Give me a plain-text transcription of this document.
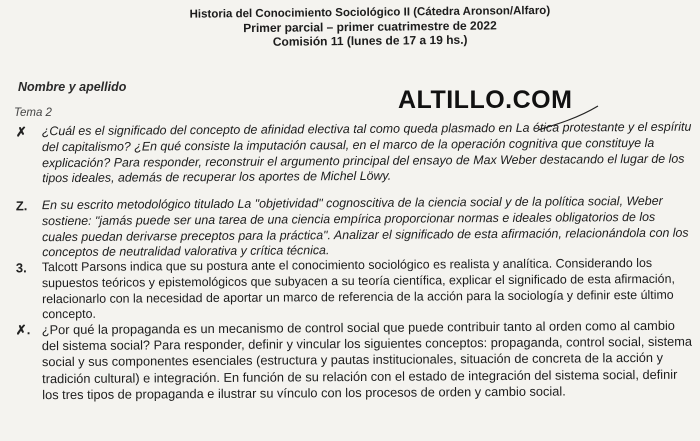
Historia del Conocimiento Sociológico II (Cátedra Aronson/Alfaro)
Primer parcial – primer cuatrimestre de 2022
Comisión 11 (lunes de 17 a 19 hs.)
Nombre y apellido	ALTILLO.COM
Tema 2
✗	¿Cuál es el significado del concepto de afinidad electiva tal como queda plasmado en La ética protestante y el espíritu del capitalismo? ¿En qué consiste la imputación causal, en el marco de la operación cognitiva que constituye la explicación? Para responder, reconstruir el argumento principal del ensayo de Max Weber destacando el lugar de los tipos ideales, además de recuperar los aportes de Michel Löwy.
Z.	En su escrito metodológico titulado La "objetividad" cognoscitiva de la ciencia social y de la política social, Weber sostiene: "jamás puede ser una tarea de una ciencia empírica proporcionar normas e ideales obligatorios de los cuales puedan derivarse preceptos para la práctica". Analizar el significado de esta afirmación, relacionándola con los conceptos de neutralidad valorativa y crítica técnica.
3.	Talcott Parsons indica que su postura ante el conocimiento sociológico es realista y analítica. Considerando los supuestos teóricos y epistemológicos que subyacen a su teoría científica, explicar el significado de esta afirmación, relacionarlo con la necesidad de aportar un marco de referencia de la acción para la sociología y definir este último concepto.
✗. ¿Por qué la propaganda es un mecanismo de control social que puede contribuir tanto al orden como al cambio del sistema social? Para responder, definir y vincular los siguientes conceptos: propaganda, control social, sistema social y sus componentes esenciales (estructura y pautas institucionales, situación de concreta de la acción y tradición cultural) e integración. En función de su relación con el estado de integración del sistema social, definir los tres tipos de propaganda e ilustrar su vínculo con los procesos de orden y cambio social.
